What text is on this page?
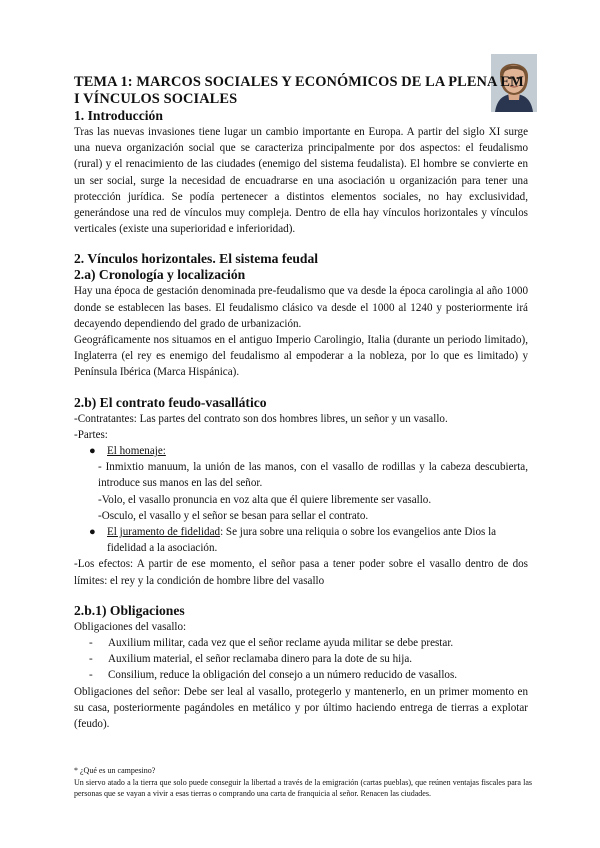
TEMA 1: MARCOS SOCIALES Y ECONÓMICOS DE LA PLENA EM
I VÍNCULOS SOCIALES
1. Introducción

Tras las nuevas invasiones tiene lugar un cambio importante en Europa. A partir del siglo XI surge una nueva organización social que se caracteriza principalmente por dos aspectos: el feudalismo (rural) y el renacimiento de las ciudades (enemigo del sistema feudalista). El hombre se convierte en un ser social, surge la necesidad de encuadrarse en una asociación u organización para tener una protección jurídica. Se podía pertenecer a distintos elementos sociales, no hay exclusividad, generándose una red de vínculos muy compleja. Dentro de ella hay vínculos horizontales y vínculos verticales (existe una superioridad e inferioridad).

2. Vínculos horizontales. El sistema feudal
2.a) Cronología y localización

Hay una época de gestación denominada pre-feudalismo que va desde la época carolingia al año 1000 donde se establecen las bases. El feudalismo clásico va desde el 1000 al 1240 y posteriormente irá decayendo dependiendo del grado de urbanización.

Geográficamente nos situamos en el antiguo Imperio Carolingio, Italia (durante un periodo limitado), Inglaterra (el rey es enemigo del feudalismo al empoderar a la nobleza, por lo que es limitado) y Península Ibérica (Marca Hispánica).

2.b) El contrato feudo-vasallático

-Contratantes: Las partes del contrato son dos hombres libres, un señor y un vasallo.

-Partes:

● El homenaje:

- Inmixtio manuum, la unión de las manos, con el vasallo de rodillas y la cabeza descubierta, introduce sus manos en las del señor.

-Volo, el vasallo pronuncia en voz alta que él quiere libremente ser vasallo.

-Osculo, el vasallo y el señor se besan para sellar el contrato.

● El juramento de fidelidad: Se jura sobre una reliquia o sobre los evangelios ante Dios la fidelidad a la asociación.

-Los efectos: A partir de ese momento, el señor pasa a tener poder sobre el vasallo dentro de dos límites: el rey y la condición de hombre libre del vasallo

2.b.1) Obligaciones

Obligaciones del vasallo:

- Auxilium militar, cada vez que el señor reclame ayuda militar se debe prestar.
- Auxilium material, el señor reclamaba dinero para la dote de su hija.
- Consilium, reduce la obligación del consejo a un número reducido de vasallos.

Obligaciones del señor: Debe ser leal al vasallo, protegerlo y mantenerlo, en un primer momento en su casa, posteriormente pagándoles en metálico y por último haciendo entrega de tierras a explotar (feudo).

* ¿Qué es un campesino?

Un siervo atado a la tierra que solo puede conseguir la libertad a través de la emigración (cartas pueblas), que reúnen ventajas fiscales para las personas que se vayan a vivir a esas tierras o comprando una carta de franquicia al señor. Renacen las ciudades.
